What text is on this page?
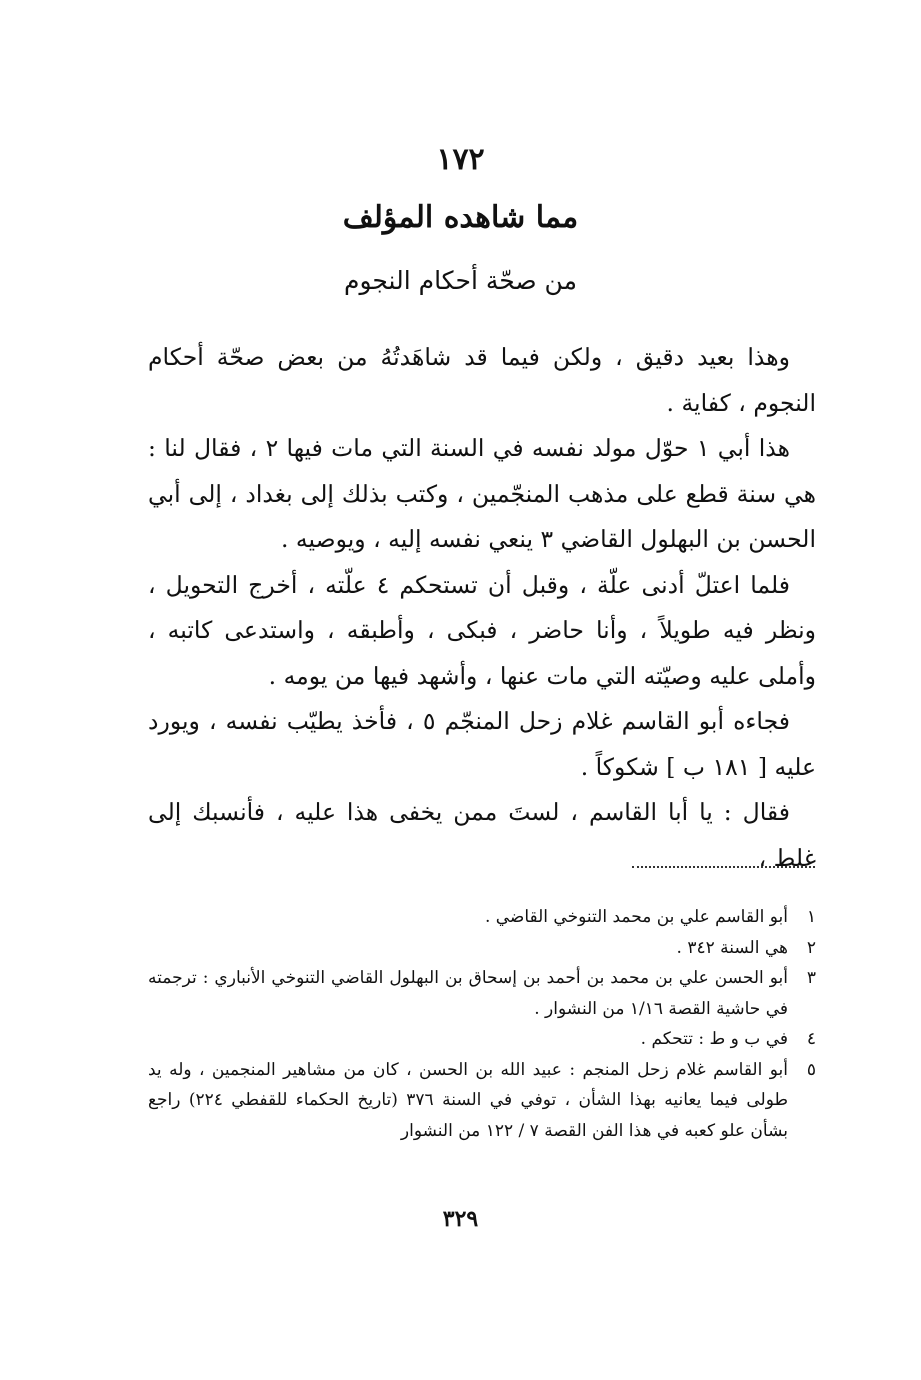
١٧٢
مما شاهده المؤلف
من صحّة أحكام النجوم

وهذا بعيد دقيق ، ولكن فيما قد شاهَدتُهُ من بعض صحّة أحكام النجوم ، كفاية .

هذا أبي ١ حوّل مولد نفسه في السنة التي مات فيها ٢ ، فقال لنا : هي سنة قطع على مذهب المنجّمين ، وكتب بذلك إلى بغداد ، إلى أبي الحسن بن البهلول القاضي ٣ ينعي نفسه إليه ، ويوصيه .

فلما اعتلّ أدنى علّة ، وقبل أن تستحكم ٤ علّته ، أخرج التحويل ، ونظر فيه طويلاً ، وأنا حاضر ، فبكى ، وأطبقه ، واستدعى كاتبه ، وأملى عليه وصيّته التي مات عنها ، وأشهد فيها من يومه .

فجاءه أبو القاسم غلام زحل المنجّم ٥ ، فأخذ يطيّب نفسه ، ويورد عليه [ ١٨١ ب ] شكوكاً .

فقال : يا أبا القاسم ، لستَ ممن يخفى هذا عليه ، فأنسبك إلى غلط ،

١
أبو القاسم علي بن محمد التنوخي القاضي .
٢
هي السنة ٣٤٢ .
٣
أبو الحسن علي بن محمد بن أحمد بن إسحاق بن البهلول القاضي التنوخي الأنباري : ترجمته في حاشية القصة ١/١٦ من النشوار .
٤
في ب و ط : تتحكم .
٥
أبو القاسم غلام زحل المنجم : عبيد الله بن الحسن ، كان من مشاهير المنجمين ، وله يد طولى فيما يعانيه بهذا الشأن ، توفي في السنة ٣٧٦ (تاريخ الحكماء للقفطي ٢٢٤) راجع بشأن علو كعبه في هذا الفن القصة ٧ / ١٢٢ من النشوار
٣٢٩
